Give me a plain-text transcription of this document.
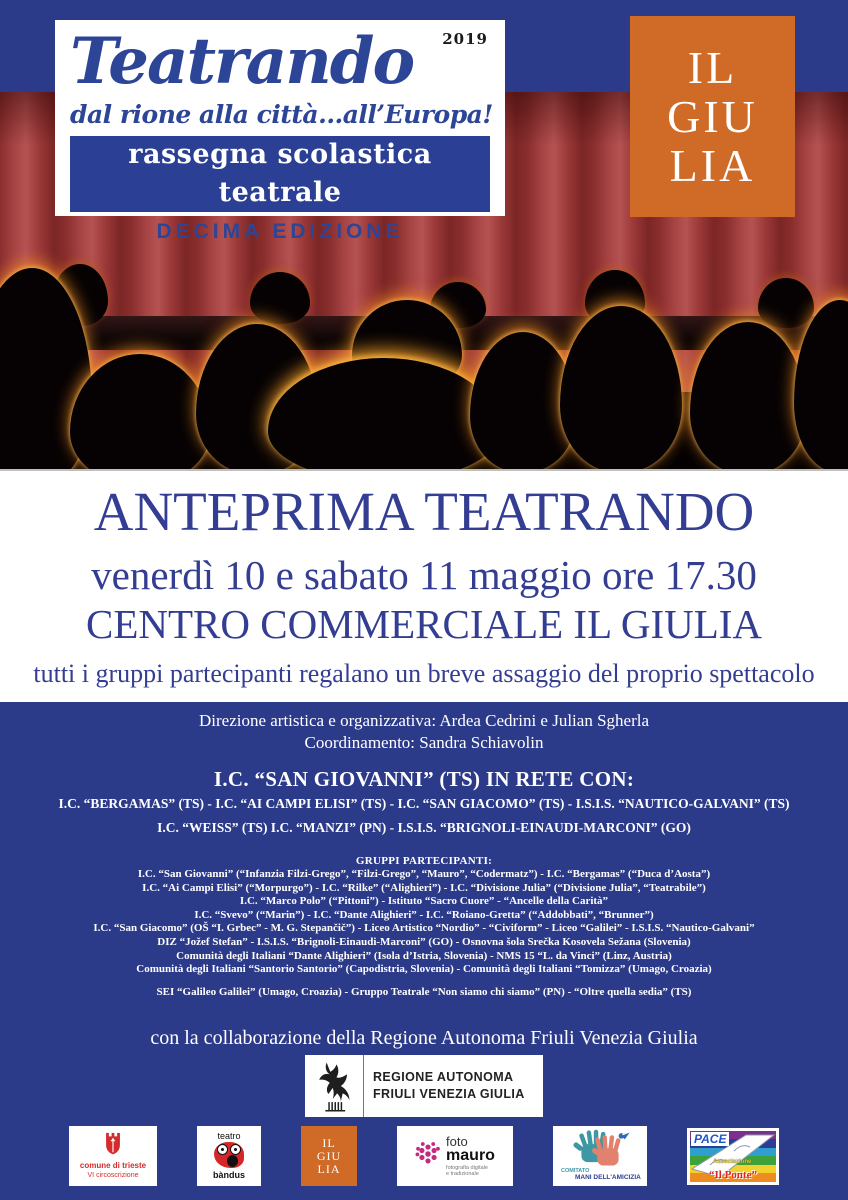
Teatrando 2019
dal rione alla città...all’Europa!
rassegna scolastica teatrale
DECIMA EDIZIONE
IL
GIU
LIA
ANTEPRIMA TEATRANDO
venerdì 10 e sabato 11 maggio ore 17.30
CENTRO COMMERCIALE IL GIULIA
tutti i gruppi partecipanti regalano un breve assaggio del proprio spettacolo
Direzione artistica e organizzativa: Ardea Cedrini e Julian Sgherla
Coordinamento: Sandra Schiavolin
I.C. “SAN GIOVANNI” (TS) IN RETE CON:
I.C. “BERGAMAS” (TS) - I.C. “AI CAMPI ELISI” (TS) - I.C. “SAN GIACOMO” (TS) - I.S.I.S. “NAUTICO-GALVANI” (TS)
I.C. “WEISS” (TS) I.C. “MANZI” (PN) - I.S.I.S. “BRIGNOLI-EINAUDI-MARCONI” (GO)
GRUPPI PARTECIPANTI:
I.C. “San Giovanni” (“Infanzia Filzi-Grego”, “Filzi-Grego”, “Mauro”, “Codermatz”) - I.C. “Bergamas” (“Duca d’Aosta”)
I.C. “Ai Campi Elisi” (“Morpurgo”) - I.C. “Rilke” (“Alighieri”) - I.C. “Divisione Julia” (“Divisione Julia”, “Teatrabile”)
I.C. “Marco Polo” (“Pittoni”) - Istituto “Sacro Cuore” - “Ancelle della Carità”
I.C. “Svevo” (“Marin”) - I.C. “Dante Alighieri” - I.C. “Roiano-Gretta” (“Addobbati”, “Brunner”)
I.C. “San Giacomo” (OŠ “I. Grbec” - M. G. Stepančič”) - Liceo Artistico “Nordio” - “Civiform” - Liceo “Galilei” - I.S.I.S. “Nautico-Galvani”
DIZ “Jožef Stefan” - I.S.I.S. “Brignoli-Einaudi-Marconi” (GO) - Osnovna šola Srečka Kosovela Sežana (Slovenia)
Comunità degli Italiani “Dante Alighieri” (Isola d’Istria, Slovenia) - NMS 15 “L. da Vinci” (Linz, Austria)
Comunità degli Italiani “Santorio Santorio” (Capodistria, Slovenia) - Comunità degli Italiani “Tomizza” (Umago, Croazia)
SEI “Galileo Galilei” (Umago, Croazia) - Gruppo Teatrale “Non siamo chi siamo” (PN) - “Oltre quella sedia” (TS)
con la collaborazione della Regione Autonoma Friuli Venezia Giulia
REGIONE AUTONOMA
FRIULI VENEZIA GIULIA
comune di trieste
VI circoscrizione
teatro
bàndus
IL
GIU
LIA
foto
mauro
fotografia digitale
e tradizionale	COMITATO
MANI DELL'AMICIZIA
PACE
Associazione
“Il Ponte”
